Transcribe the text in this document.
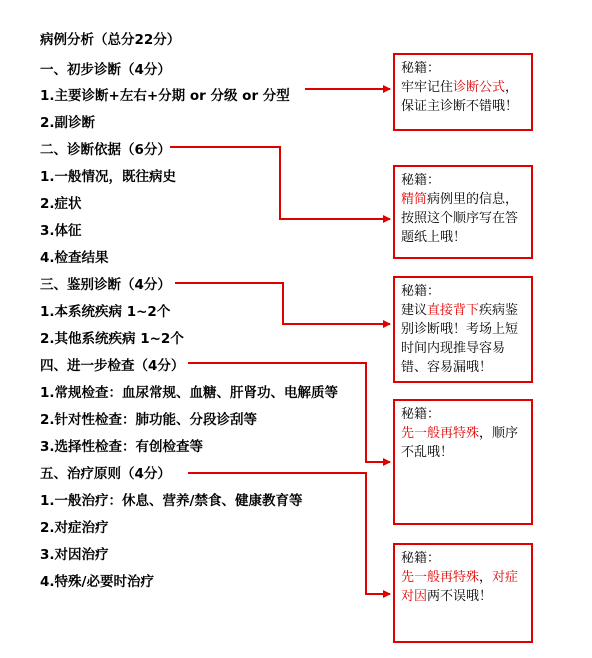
病例分析（总分22分）
一、初步诊断（4分）
1.主要诊断+左右+分期 or 分级 or 分型
2.副诊断
二、诊断依据（6分）
1.一般情况，既往病史
2.症状
3.体征
4.检查结果
三、鉴别诊断（4分）
1.本系统疾病 1~2个
2.其他系统疾病 1~2个
四、进一步检查（4分）
1.常规检查：血尿常规、血糖、肝肾功、电解质等
2.针对性检查：肺功能、分段诊刮等
3.选择性检查：有创检查等
五、治疗原则（4分）
1.一般治疗：休息、营养/禁食、健康教育等
2.对症治疗
3.对因治疗
4.特殊/必要时治疗
秘籍：
牢牢记住诊断公式，保证主诊断不错哦！
秘籍：
精简病例里的信息，按照这个顺序写在答题纸上哦！
秘籍：
建议直接背下疾病鉴别诊断哦！考场上短时间内现推导容易错、容易漏哦！
秘籍：
先一般再特殊，顺序不乱哦！
秘籍：
先一般再特殊，对症对因两不误哦！
